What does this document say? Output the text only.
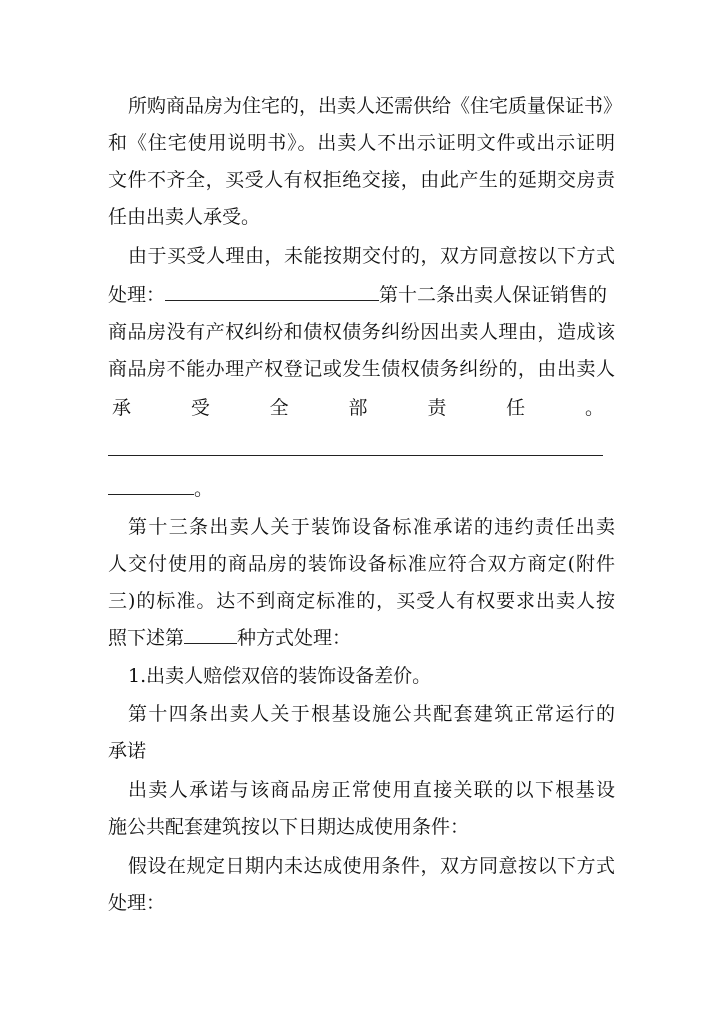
所购商品房为住宅的，出卖人还需供给《住宅质量保证书》
和《住宅使用说明书》。出卖人不出示证明文件或出示证明
文件不齐全，买受人有权拒绝交接，由此产生的延期交房责
任由出卖人承受。
由于买受人理由，未能按期交付的，双方同意按以下方式
处理：	第十二条出卖人保证销售的
商品房没有产权纠纷和债权债务纠纷因出卖人理由，造成该
商品房不能办理产权登记或发生债权债务纠纷的，由出卖人
承	受	全	部	责	任	。
。
第十三条出卖人关于装饰设备标准承诺的违约责任出卖
人交付使用的商品房的装饰设备标准应符合双方商定(附件
三)的标准。达不到商定标准的，买受人有权要求出卖人按
照下述第	种方式处理：
1.出卖人赔偿双倍的装饰设备差价。
第十四条出卖人关于根基设施公共配套建筑正常运行的
承诺
出卖人承诺与该商品房正常使用直接关联的以下根基设
施公共配套建筑按以下日期达成使用条件：
假设在规定日期内未达成使用条件，双方同意按以下方式
处理：
